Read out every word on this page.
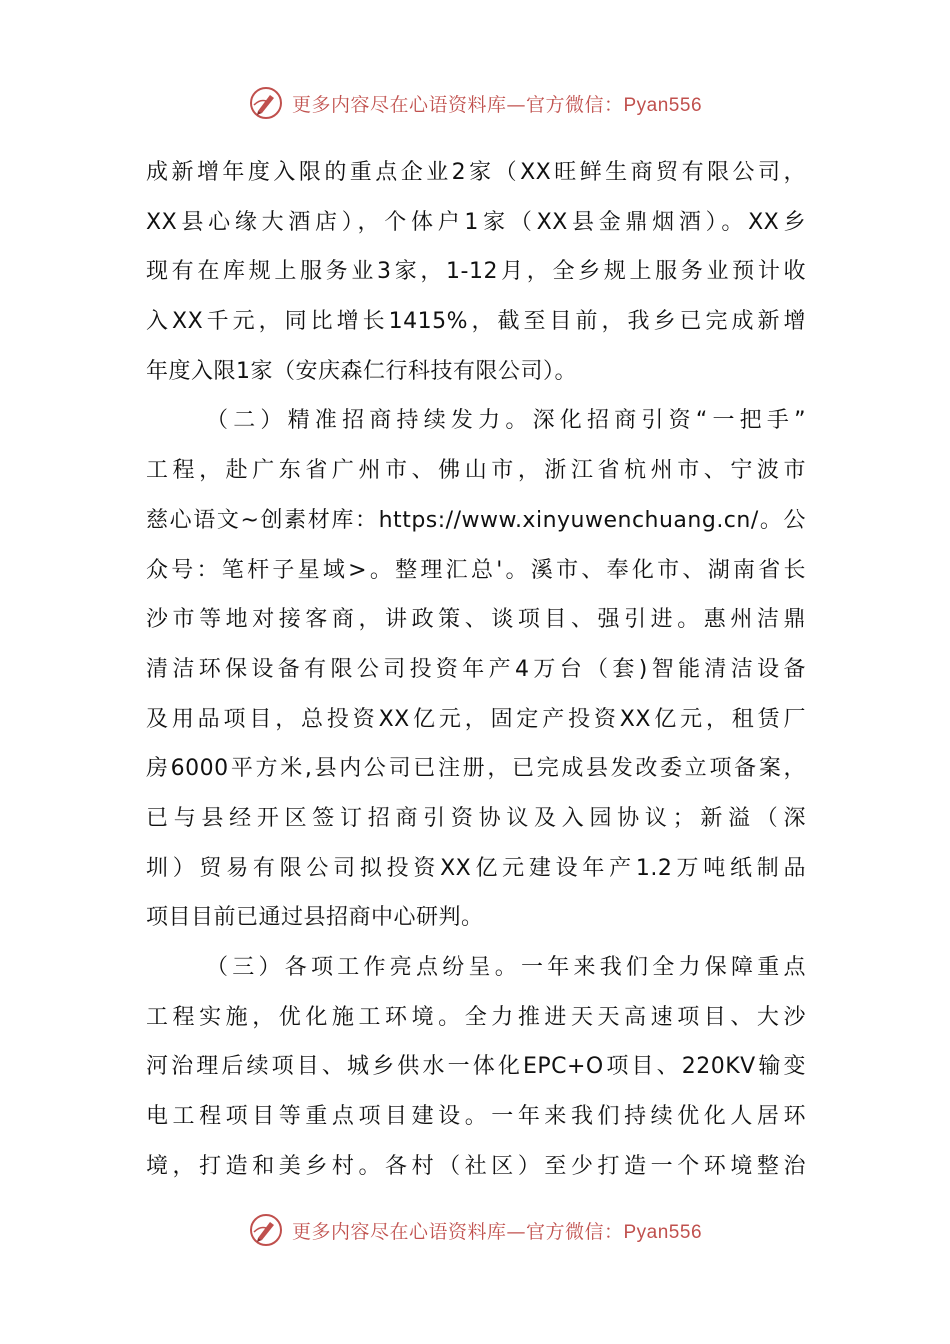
更多内容尽在心语资料库—官方微信：Pyan556
成新增年度入限的重点企业2家（XX旺鲜生商贸有限公司，
XX县心缘大酒店），个体户1家（XX县金鼎烟酒）。XX乡
现有在库规上服务业3家，1-12月，全乡规上服务业预计收
入XX千元，同比增长1415%，截至目前，我乡已完成新增
年度入限1家（安庆森仁行科技有限公司）。
（二）精准招商持续发力。深化招商引资“一把手”
工程，赴广东省广州市、佛山市，浙江省杭州市、宁波市
慈心语文~创素材库：https://www.xinyuwenchuang.cn/。公
众号：笔杆子星域>。整理汇总'。溪市、奉化市、湖南省长
沙市等地对接客商，讲政策、谈项目、强引进。惠州洁鼎
清洁环保设备有限公司投资年产4万台（套)智能清洁设备
及用品项目，总投资XX亿元，固定产投资XX亿元，租赁厂
房6000平方米,县内公司已注册，已完成县发改委立项备案，
已与县经开区签订招商引资协议及入园协议；新溢（深
圳）贸易有限公司拟投资XX亿元建设年产1.2万吨纸制品
项目目前已通过县招商中心研判。
（三）各项工作亮点纷呈。一年来我们全力保障重点
工程实施，优化施工环境。全力推进天天高速项目、大沙
河治理后续项目、城乡供水一体化EPC+O项目、220KV输变
电工程项目等重点项目建设。一年来我们持续优化人居环
境，打造和美乡村。各村（社区）至少打造一个环境整治
更多内容尽在心语资料库—官方微信：Pyan556
